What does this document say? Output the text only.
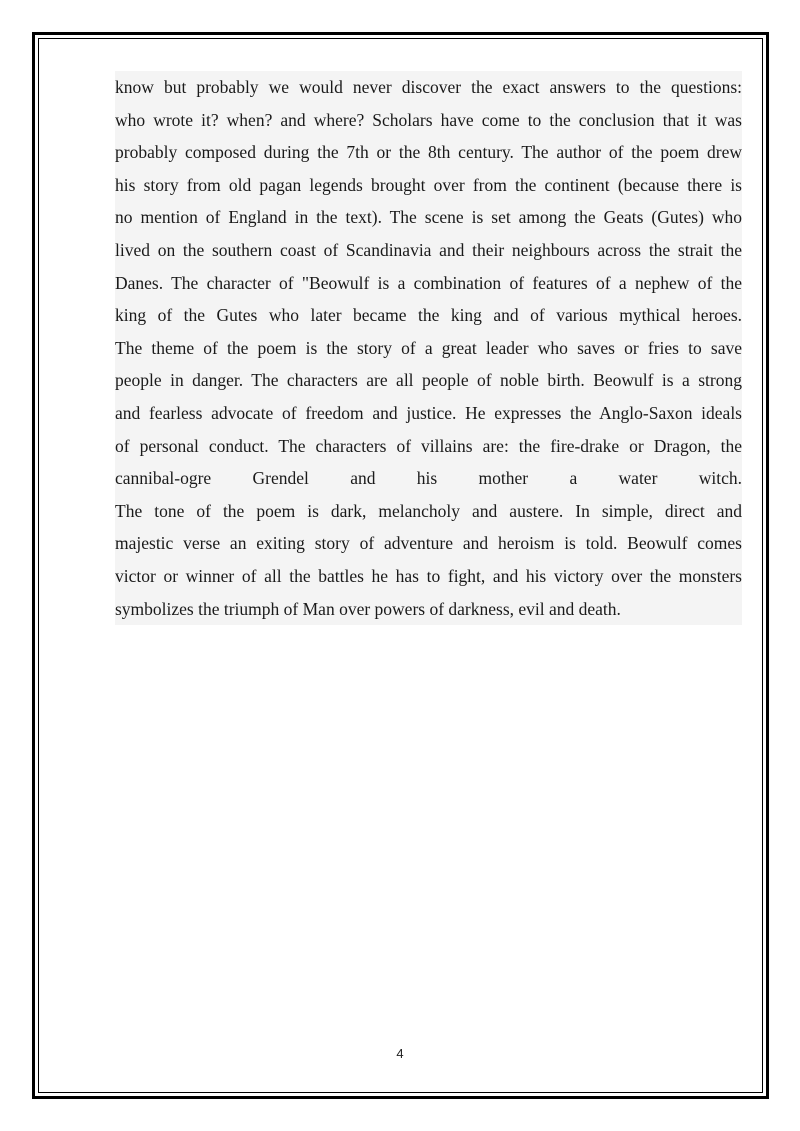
know but probably we would never discover the exact answers to the questions:
who wrote it? when? and where? Scholars have come to the conclusion that it was
probably composed during the 7th or the 8th century. The author of the poem drew
his story from old pagan legends brought over from the continent (because there is
no mention of England in the text). The scene is set among the Geats (Gutes) who
lived on the southern coast of Scandinavia and their neighbours across the strait the
Danes. The character of "Beowulf is a combination of features of a nephew of the
king of the Gutes who later became the king and of various mythical heroes.
The theme of the poem is the story of a great leader who saves or fries to save
people in danger. The characters are all people of noble birth. Beowulf is a strong
and fearless advocate of freedom and justice. He expresses the Anglo-Saxon ideals
of personal conduct. The characters of villains are: the fire-drake or Dragon, the
cannibal-ogre Grendel and his mother a water witch.
The tone of the poem is dark, melancholy and austere. In simple, direct and
majestic verse an exiting story of adventure and heroism is told. Beowulf comes
victor or winner of all the battles he has to fight, and his victory over the monsters
symbolizes the triumph of Man over powers of darkness, evil and death.
4
